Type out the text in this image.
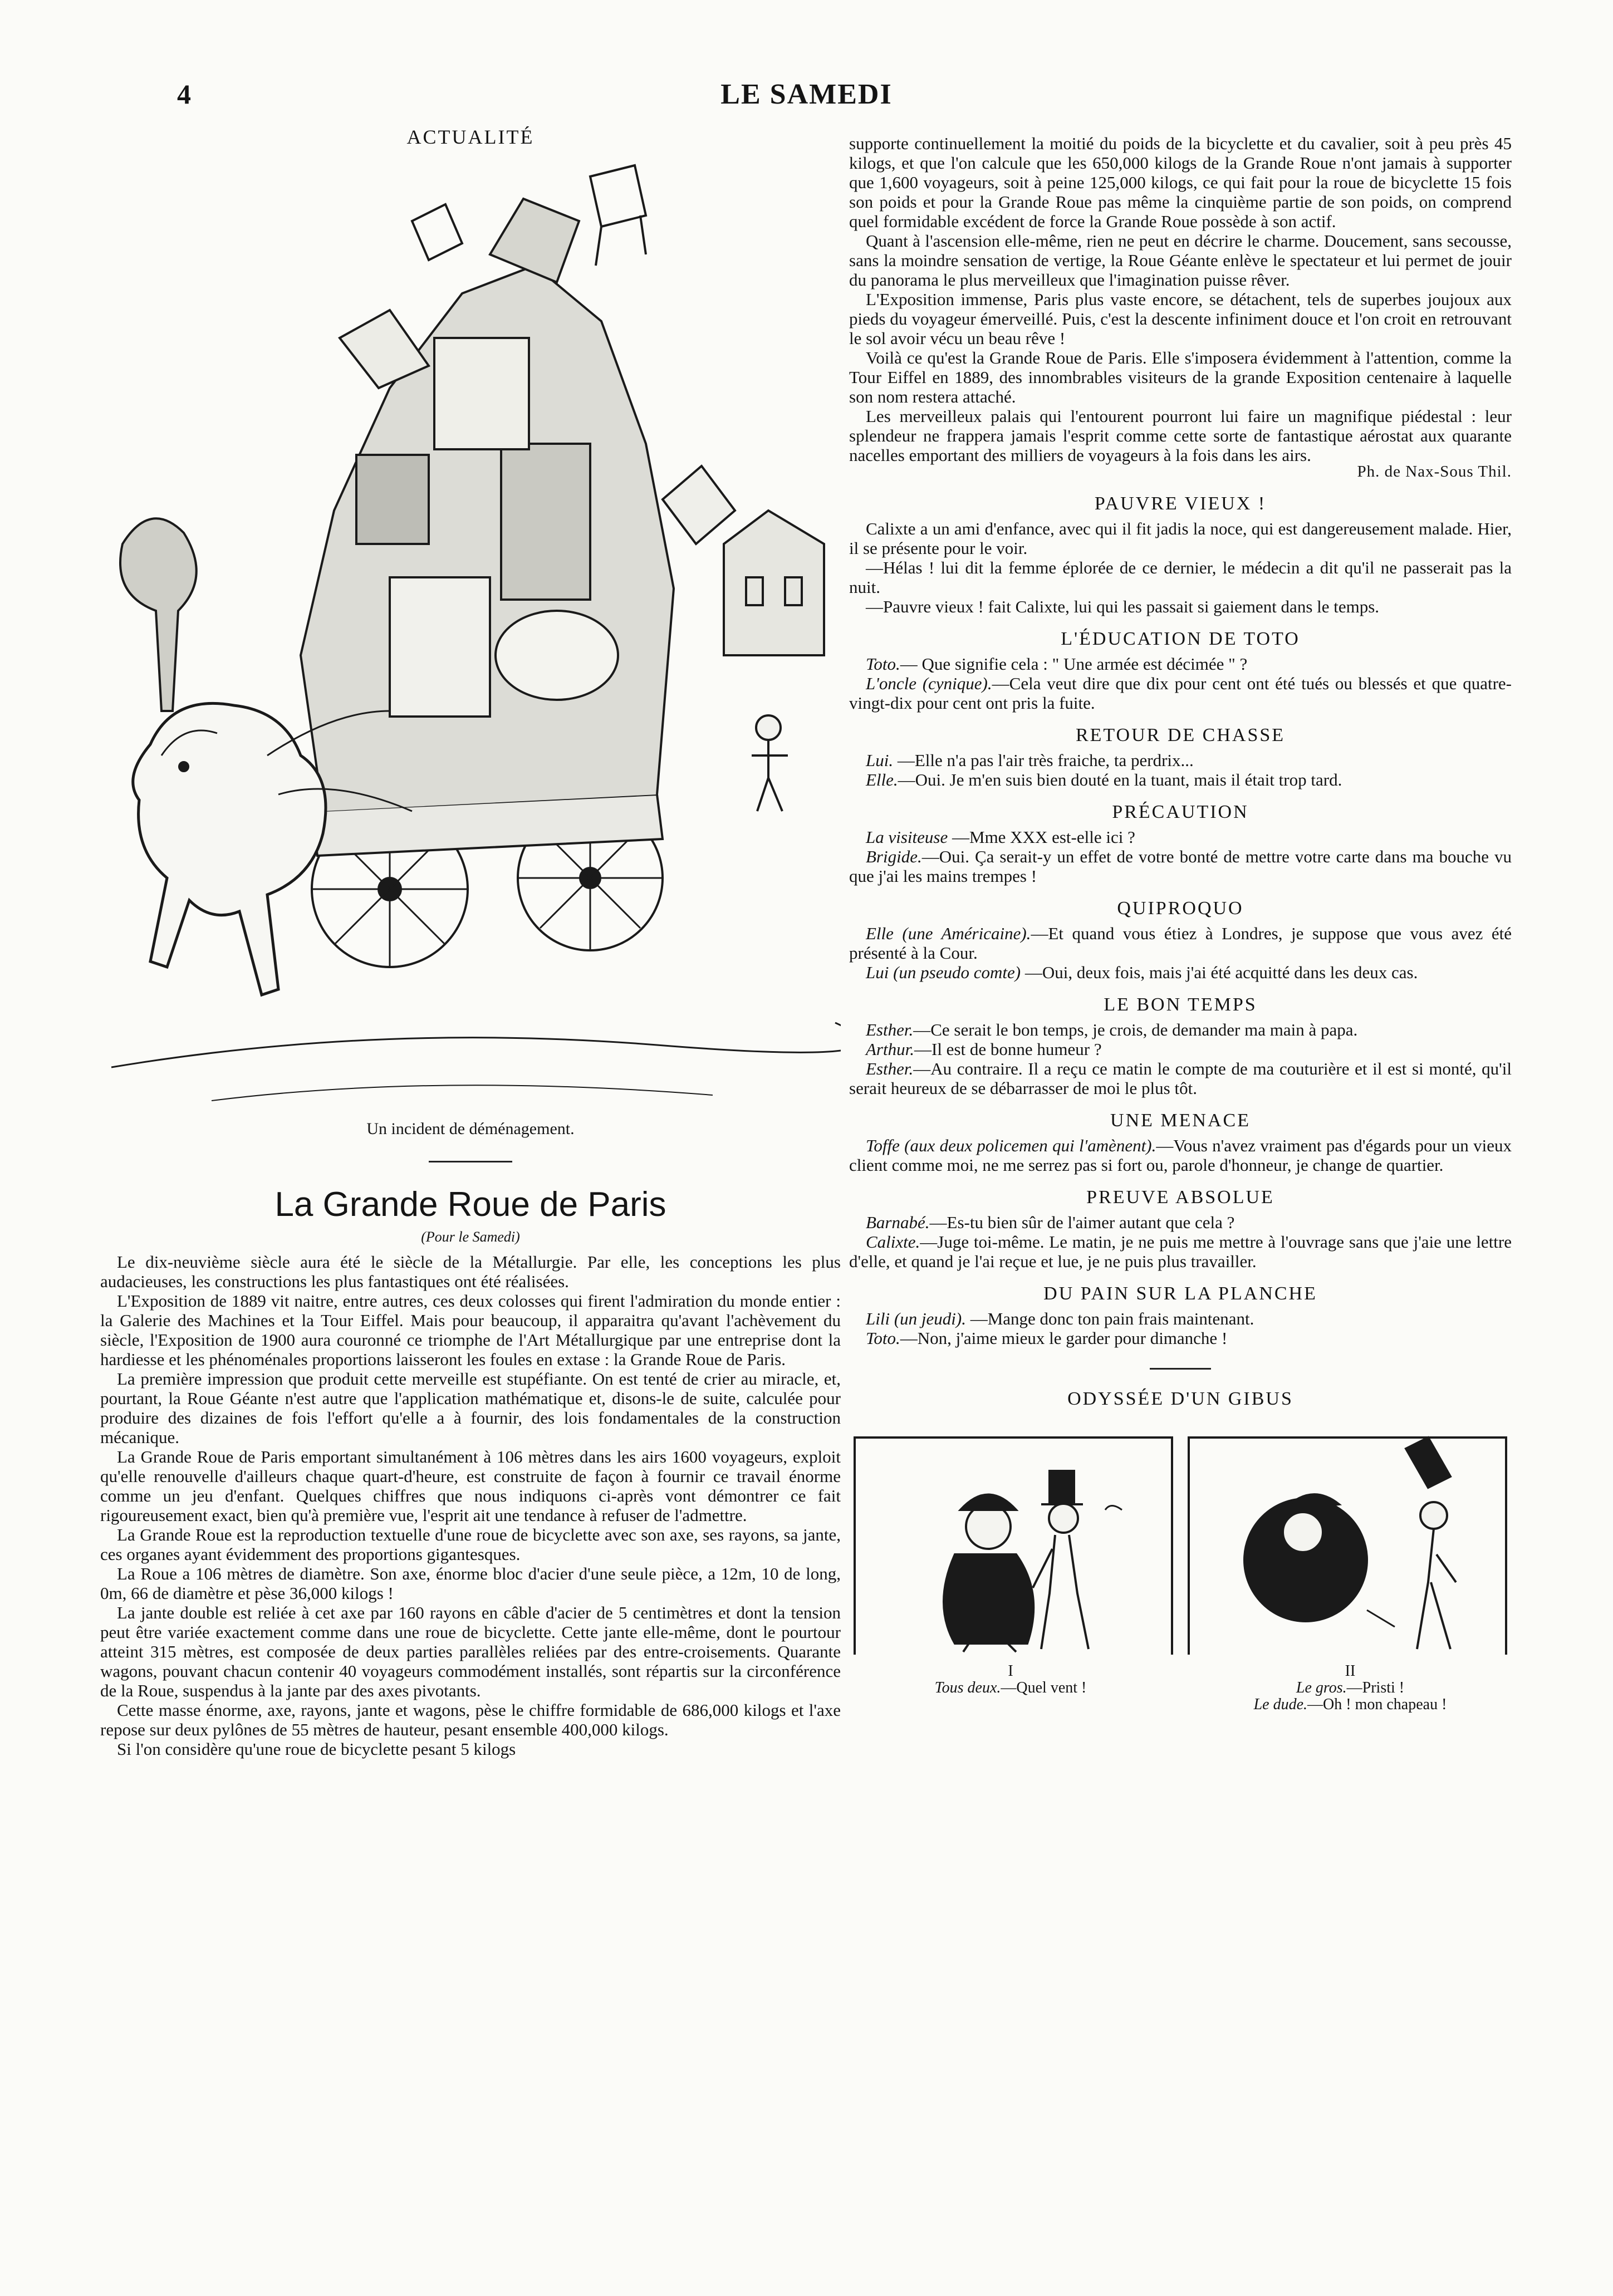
4	LE SAMEDI

ACTUALITÉ

Un incident de déménagement.
La Grande Roue de Paris
(Pour le Samedi)

Le dix-neuvième siècle aura été le siècle de la Métallurgie. Par elle, les conceptions les plus audacieuses, les constructions les plus fantastiques ont été réalisées.

L'Exposition de 1889 vit naitre, entre autres, ces deux colosses qui firent l'admiration du monde entier : la Galerie des Machines et la Tour Eiffel. Mais pour beaucoup, il apparaitra qu'avant l'achèvement du siècle, l'Exposition de 1900 aura couronné ce triomphe de l'Art Métallurgique par une entreprise dont la hardiesse et les phénoménales proportions laisseront les foules en extase : la Grande Roue de Paris.

La première impression que produit cette merveille est stupéfiante. On est tenté de crier au miracle, et, pourtant, la Roue Géante n'est autre que l'application mathématique et, disons-le de suite, calculée pour produire des dizaines de fois l'effort qu'elle a à fournir, des lois fondamentales de la construction mécanique.

La Grande Roue de Paris emportant simultanément à 106 mètres dans les airs 1600 voyageurs, exploit qu'elle renouvelle d'ailleurs chaque quart-d'heure, est construite de façon à fournir ce travail énorme comme un jeu d'enfant. Quelques chiffres que nous indiquons ci-après vont démontrer ce fait rigoureusement exact, bien qu'à première vue, l'esprit ait une tendance à refuser de l'admettre.

La Grande Roue est la reproduction textuelle d'une roue de bicyclette avec son axe, ses rayons, sa jante, ces organes ayant évidemment des proportions gigantesques.

La Roue a 106 mètres de diamètre. Son axe, énorme bloc d'acier d'une seule pièce, a 12m, 10 de long, 0m, 66 de diamètre et pèse 36,000 kilogs !

La jante double est reliée à cet axe par 160 rayons en câble d'acier de 5 centimètres et dont la tension peut être variée exactement comme dans une roue de bicyclette. Cette jante elle-même, dont le pourtour atteint 315 mètres, est composée de deux parties parallèles reliées par des entre-croisements. Quarante wagons, pouvant chacun contenir 40 voyageurs commodément installés, sont répartis sur la circonférence de la Roue, suspendus à la jante par des axes pivotants.

Cette masse énorme, axe, rayons, jante et wagons, pèse le chiffre formidable de 686,000 kilogs et l'axe repose sur deux pylônes de 55 mètres de hauteur, pesant ensemble 400,000 kilogs.

Si l'on considère qu'une roue de bicyclette pesant 5 kilogs

supporte continuellement la moitié du poids de la bicyclette et du cavalier, soit à peu près 45 kilogs, et que l'on calcule que les 650,000 kilogs de la Grande Roue n'ont jamais à supporter que 1,600 voyageurs, soit à peine 125,000 kilogs, ce qui fait pour la roue de bicyclette 15 fois son poids et pour la Grande Roue pas même la cinquième partie de son poids, on comprend quel formidable excédent de force la Grande Roue possède à son actif.

Quant à l'ascension elle-même, rien ne peut en décrire le charme. Doucement, sans secousse, sans la moindre sensation de vertige, la Roue Géante enlève le spectateur et lui permet de jouir du panorama le plus merveilleux que l'imagination puisse rêver.

L'Exposition immense, Paris plus vaste encore, se détachent, tels de superbes joujoux aux pieds du voyageur émerveillé. Puis, c'est la descente infiniment douce et l'on croit en retrouvant le sol avoir vécu un beau rêve !

Voilà ce qu'est la Grande Roue de Paris. Elle s'imposera évidemment à l'attention, comme la Tour Eiffel en 1889, des innombrables visiteurs de la grande Exposition centenaire à laquelle son nom restera attaché.

Les merveilleux palais qui l'entourent pourront lui faire un magnifique piédestal : leur splendeur ne frappera jamais l'esprit comme cette sorte de fantastique aérostat aux quarante nacelles emportant des milliers de voyageurs à la fois dans les airs.

Ph. de Nax-Sous Thil.
PAUVRE VIEUX !

Calixte a un ami d'enfance, avec qui il fit jadis la noce, qui est dangereusement malade. Hier, il se présente pour le voir.

—Hélas ! lui dit la femme éplorée de ce dernier, le médecin a dit qu'il ne passerait pas la nuit.

—Pauvre vieux ! fait Calixte, lui qui les passait si gaiement dans le temps.

L'ÉDUCATION DE TOTO

Toto.— Que signifie cela : " Une armée est décimée " ?

L'oncle (cynique).—Cela veut dire que dix pour cent ont été tués ou blessés et que quatre-vingt-dix pour cent ont pris la fuite.

RETOUR DE CHASSE

Lui. —Elle n'a pas l'air très fraiche, ta perdrix...

Elle.—Oui. Je m'en suis bien douté en la tuant, mais il était trop tard.

PRÉCAUTION

La visiteuse —Mme XXX est-elle ici ?

Brigide.—Oui. Ça serait-y un effet de votre bonté de mettre votre carte dans ma bouche vu que j'ai les mains trempes !

QUIPROQUO

Elle (une Américaine).—Et quand vous étiez à Londres, je suppose que vous avez été présenté à la Cour.

Lui (un pseudo comte) —Oui, deux fois, mais j'ai été acquitté dans les deux cas.

LE BON TEMPS

Esther.—Ce serait le bon temps, je crois, de demander ma main à papa.

Arthur.—Il est de bonne humeur ?

Esther.—Au contraire. Il a reçu ce matin le compte de ma couturière et il est si monté, qu'il serait heureux de se débarrasser de moi le plus tôt.

UNE MENACE

Toffe (aux deux policemen qui l'amènent).—Vous n'avez vraiment pas d'égards pour un vieux client comme moi, ne me serrez pas si fort ou, parole d'honneur, je change de quartier.

PREUVE ABSOLUE

Barnabé.—Es-tu bien sûr de l'aimer autant que cela ?

Calixte.—Juge toi-même. Le matin, je ne puis me mettre à l'ouvrage sans que j'aie une lettre d'elle, et quand je l'ai reçue et lue, je ne puis plus travailler.

DU PAIN SUR LA PLANCHE

Lili (un jeudi). —Mange donc ton pain frais maintenant.

Toto.—Non, j'aime mieux le garder pour dimanche !

ODYSSÉE D'UN GIBUS
I
Tous deux.—Quel vent !
II
Le gros.—Pristi !
Le dude.—Oh ! mon chapeau !
